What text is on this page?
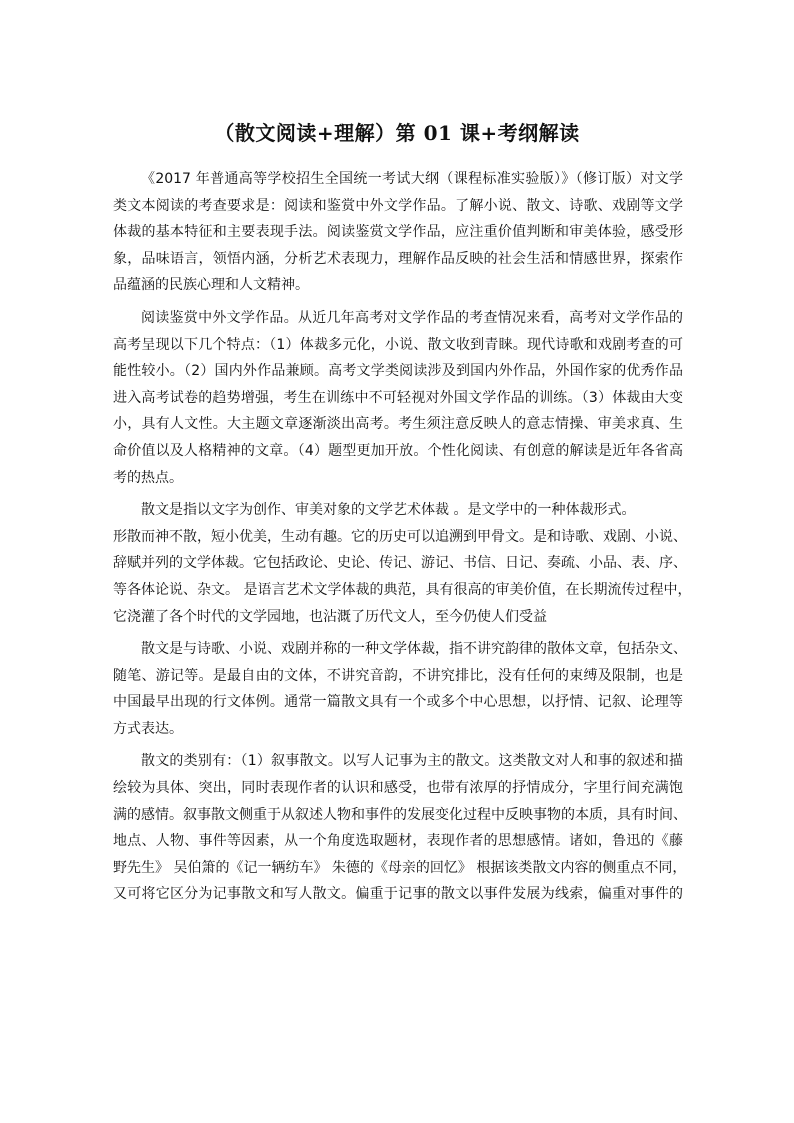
（散文阅读+理解）第 01 课+考纲解读
《2017 年普通高等学校招生全国统一考试大纲（课程标准实验版）》（修订版）对文学
类文本阅读的考查要求是：阅读和鉴赏中外文学作品。了解小说、散文、诗歌、戏剧等文学
体裁的基本特征和主要表现手法。阅读鉴赏文学作品，应注重价值判断和审美体验，感受形
象，品味语言，领悟内涵，分析艺术表现力，理解作品反映的社会生活和情感世界，探索作
品蕴涵的民族心理和人文精神。
阅读鉴赏中外文学作品。从近几年高考对文学作品的考查情况来看，高考对文学作品的
高考呈现以下几个特点：（1）体裁多元化，小说、散文收到青睐。现代诗歌和戏剧考查的可
能性较小。（2）国内外作品兼顾。高考文学类阅读涉及到国内外作品，外国作家的优秀作品
进入高考试卷的趋势增强，考生在训练中不可轻视对外国文学作品的训练。（3）体裁由大变
小，具有人文性。大主题文章逐渐淡出高考。考生须注意反映人的意志情操、审美求真、生
命价值以及人格精神的文章。（4）题型更加开放。个性化阅读、有创意的解读是近年各省高
考的热点。
散文是指以文字为创作、审美对象的文学艺术体裁 。是文学中的一种体裁形式。
形散而神不散，短小优美，生动有趣。它的历史可以追溯到甲骨文。是和诗歌、戏剧、小说、
辞赋并列的文学体裁。它包括政论、史论、传记、游记、书信、日记、奏疏、小品、表、序、
等各体论说、杂文。 是语言艺术文学体裁的典范，具有很高的审美价值，在长期流传过程中，
它浇灌了各个时代的文学园地，也沾溉了历代文人，至今仍使人们受益
散文是与诗歌、小说、戏剧并称的一种文学体裁，指不讲究韵律的散体文章，包括杂文、
随笔、游记等。是最自由的文体，不讲究音韵，不讲究排比，没有任何的束缚及限制，也是
中国最早出现的行文体例。通常一篇散文具有一个或多个中心思想，以抒情、记叙、论理等
方式表达。
散文的类别有：（1）叙事散文。以写人记事为主的散文。这类散文对人和事的叙述和描
绘较为具体、突出，同时表现作者的认识和感受，也带有浓厚的抒情成分，字里行间充满饱
满的感情。叙事散文侧重于从叙述人物和事件的发展变化过程中反映事物的本质，具有时间、
地点、人物、事件等因素，从一个角度选取题材，表现作者的思想感情。诸如，鲁迅的《藤
野先生》 吴伯箫的《记一辆纺车》 朱德的《母亲的回忆》 根据该类散文内容的侧重点不同，
又可将它区分为记事散文和写人散文。偏重于记事的散文以事件发展为线索，偏重对事件的
